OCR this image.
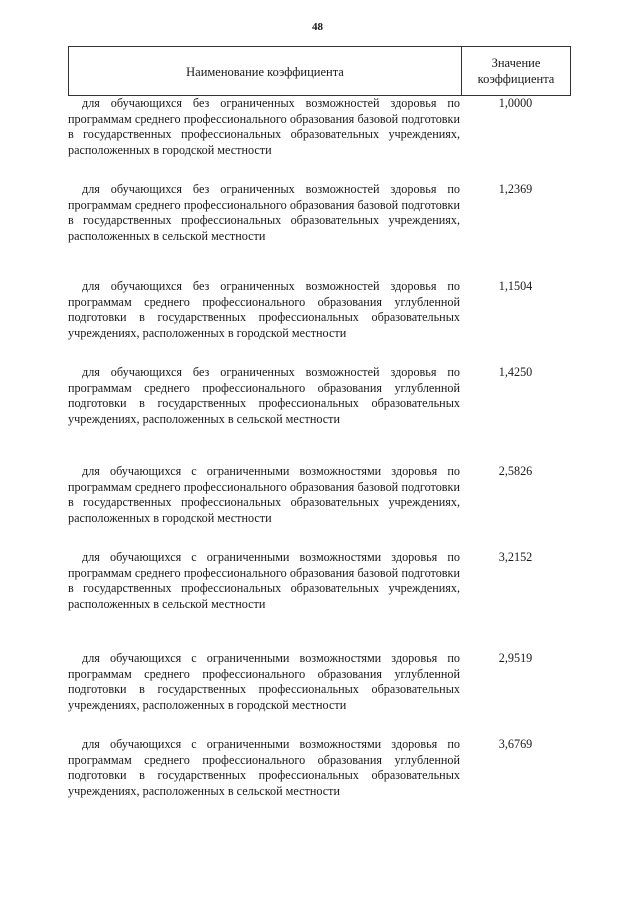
48
Наименование коэффициента
Значение коэффициента
для обучающихся без ограниченных возможностей здоровья по программам среднего профессионального образования базовой подготовки в государственных профессиональных образовательных учреждениях, расположенных в городской местности
1,0000
для обучающихся без ограниченных возможностей здоровья по программам среднего профессионального образования базовой подготовки в государственных профессиональных образовательных учреждениях, расположенных в сельской местности
1,2369
для обучающихся без ограниченных возможностей здоровья по программам среднего профессионального образования углубленной подготовки в государственных профессиональных образовательных учреждениях, расположенных в городской местности
1,1504
для обучающихся без ограниченных возможностей здоровья по программам среднего профессионального образования углубленной подготовки в государственных профессиональных образовательных учреждениях, расположенных в сельской местности
1,4250
для обучающихся с ограниченными возможностями здоровья по программам среднего профессионального образования базовой подготовки в государственных профессиональных образовательных учреждениях, расположенных в городской местности
2,5826
для обучающихся с ограниченными возможностями здоровья по программам среднего профессионального образования базовой подготовки в государственных профессиональных образовательных учреждениях, расположенных в сельской местности
3,2152
для обучающихся с ограниченными возможностями здоровья по программам среднего профессионального образования углубленной подготовки в государственных профессиональных образовательных учреждениях, расположенных в городской местности
2,9519
для обучающихся с ограниченными возможностями здоровья по программам среднего профессионального образования углубленной подготовки в государственных профессиональных образовательных учреждениях, расположенных в сельской местности
3,6769
